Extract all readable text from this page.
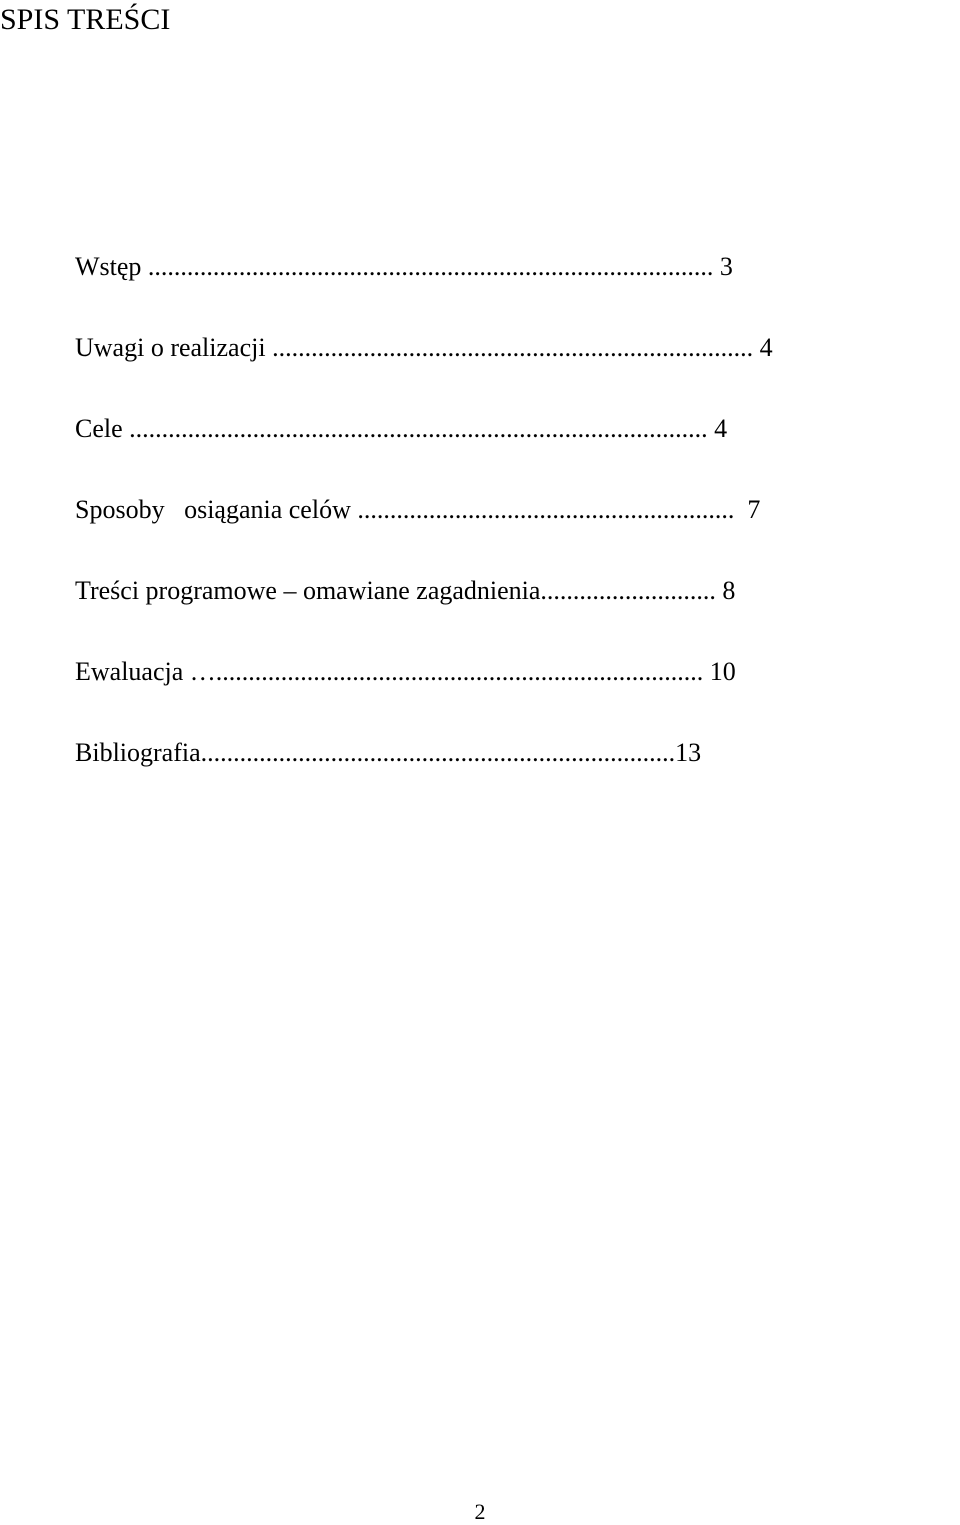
SPIS TREŚCI
Wstęp ....................................................................................... 3
Uwagi o realizacji .......................................................................... 4
Cele ......................................................................................... 4
Sposoby   osiągania celów ..........................................................  7
Treści programowe – omawiane zagadnienia........................... 8
Ewaluacja …........................................................................... 10
Bibliografia.........................................................................13
2
